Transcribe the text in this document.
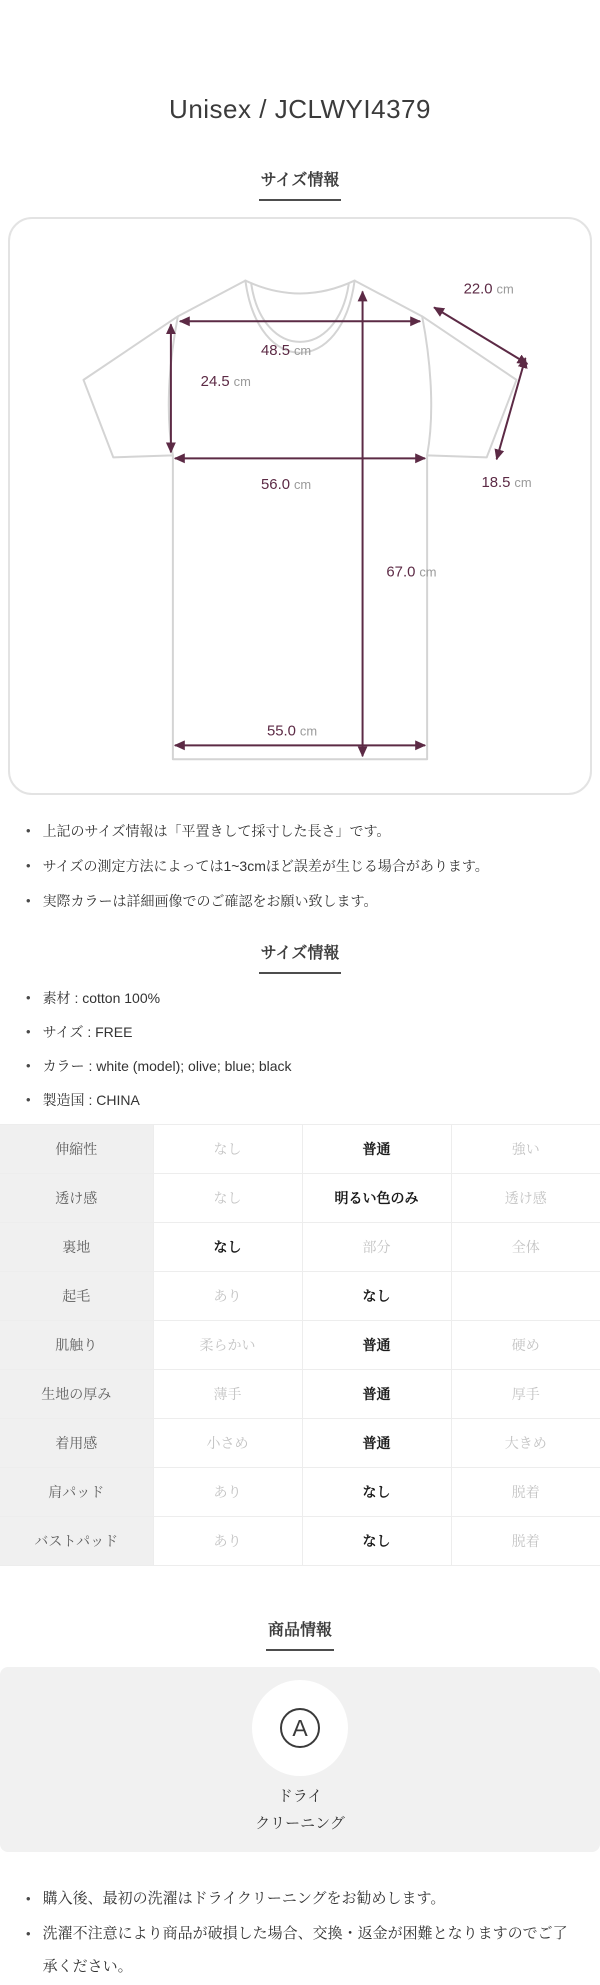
Unisex / JCLWYI4379
サイズ情報
48.5 cm
22.0 cm
24.5 cm
56.0 cm	18.5 cm
67.0 cm
55.0 cm
• 上記のサイズ情報は「平置きして採寸した長さ」です。
• サイズの測定方法によっては1~3cmほど誤差が生じる場合があります。
• 実際カラーは詳細画像でのご確認をお願い致します。
サイズ情報
• 素材 : cotton 100%
• サイズ : FREE
• カラー : white (model); olive; blue; black
• 製造国 : CHINA
伸縮性	なし	普通	強い
透け感	なし	明るい色のみ	透け感
裏地	なし	部分	全体
起毛	あり	なし	
肌触り	柔らかい	普通	硬め
生地の厚み	薄手	普通	厚手
着用感	小さめ	普通	大きめ
肩パッド	あり	なし	脱着
バストパッド	あり	なし	脱着
商品情報
A
ドライ
クリーニング
• 購入後、最初の洗濯はドライクリーニングをお勧めします。
• 洗濯不注意により商品が破損した場合、交換・返金が困難となりますのでご了承ください。
